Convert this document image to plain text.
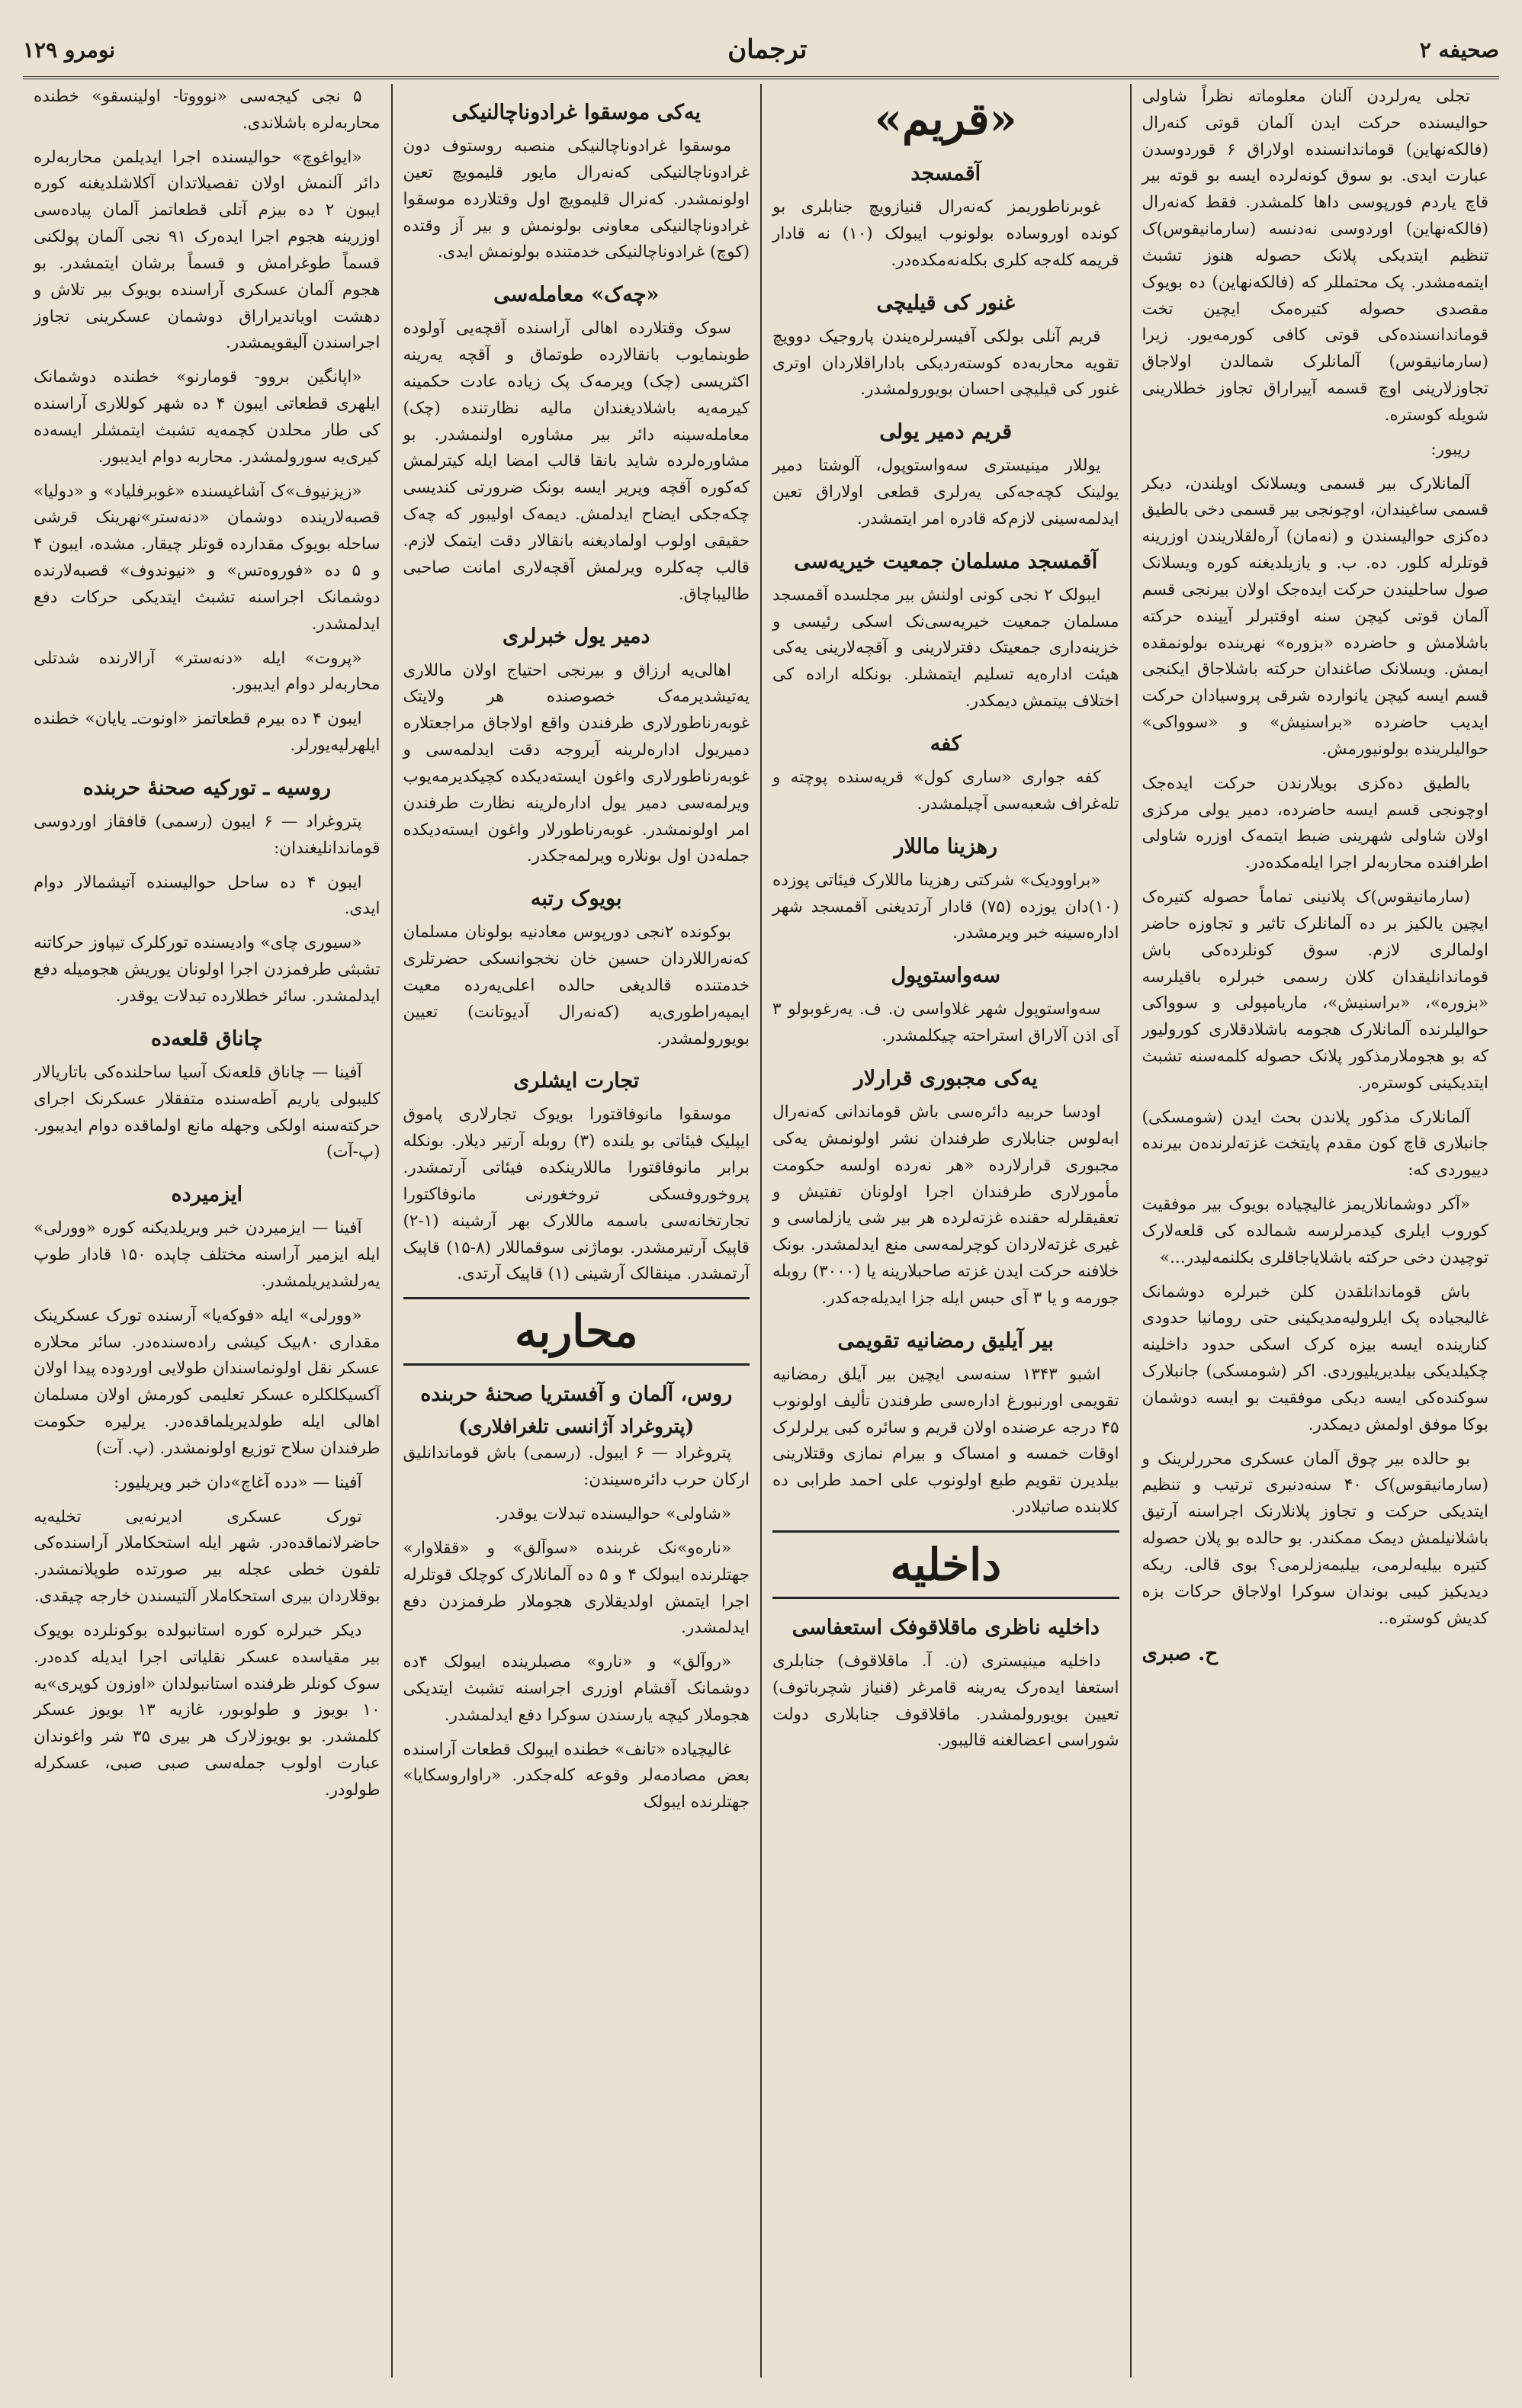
صحیفه ۲
ترجمان
نومرو ۱۲۹

تجلی یه‌رلردن آلنان معلوماته نظراً شاولی حوالیسنده حرکت ایدن آلمان قوتی کنه‌رال (فالکه‌نهاین) قوماندانسنده اولاراق ۶ قوردوسدن عبارت ایدی. بو سوق کونه‌لرده ایسه بو قوته بیر قاچ یاردم فورپوسی داها کلمشدر. فقط که‌نه‌رال (فالکه‌نهاین) اوردوسی نه‌دنسه (سارمانیقوس)ک تنظیم ایتدیکی پلانک حصوله هنوز تشبث ایتمه‌مشدر. پک محتمللر که (فالکه‌نهاین) ده بویوک مقصدی حصوله کتیره‌مک ایچین تخت قوماندانسنده‌کی قوتی کافی کورمه‌یور. زیرا (سارمانیقوس) آلمانلرک شمالدن اولاجاق تجاوزلارینی اوچ قسمه آییراراق تجاوز خطلارینی شویله کوستره.

ریبور:

آلمانلارک بیر قسمی ویسلانک اویلندن، دیکر قسمی ساغیندان، اوچونجی بیر قسمی دخی بالطیق ده‌کزی حوالیسندن و (نه‌مان) آره‌لقلاریندن اوزرینه قوتلرله کلور. ده. ب. و یازیلدیغنه کوره ویسلانک صول ساحلیندن حرکت ایده‌جک اولان بیرنجی قسم آلمان قوتی کیچن سنه اوقتبرلر آیینده حرکته باشلامش و حاضرده «بزوره» نهرینده بولونمقده ایمش. ویسلانک صاغندان حرکته باشلاجاق ایکنجی قسم ایسه کیچن یانوارده شرقی پروسیادان حرکت ایدیب حاضرده «براسنیش» و «سوواکی» حوالیلرینده بولونیورمش.

بالطیق ده‌کزی بویلارندن حرکت ایده‌جک اوچونجی قسم ایسه حاضرده، دمیر یولی مرکزی اولان شاولی شهرینی ضبط ایتمه‌ک اوزره شاولی اطرافنده محاربه‌لر اجرا ایله‌مکده‌در.

(سارمانیقوس)ک پلانینی تماماً حصوله کتیره‌ک ایچین یالکیز بر ده آلمانلرک تاثیر و تجاوزه حاضر اولمالری لازم. سوق کونلرده‌کی باش قوماندانلیقدان کلان رسمی خبرلره باقیلرسه «بزوره»، «براسنیش»، ماریامپولی و سوواکی حوالیلرنده آلمانلارک هجومه باشلادقلاری کورولیور که بو هجوملارمذکور پلانک حصوله کلمه‌سنه تشبث ایتدیکینی کوستره‌ر.

آلمانلارک مذکور پلاندن بحث ایدن (شومسکی) جانبلاری قاچ کون مقدم پایتخت غزته‌لرنده‌ن بیرنده دییوردی که:

«آکر دوشمانلاریمز غالیچیاده بویوک بیر موفقیت کوروب ایلری کیدمرلرسه شمالده کی قلعه‌لارک توچیدن دخی حرکته باشلایاجاقلری بکلنمه‌لیدر...»

باش قوماندانلقدن کلن خبرلره دوشمانک غالیجیاده پک ایلرولیه‌مدیکینی حتی رومانیا حدودی کنارینده ایسه بیزه کرک اسکی حدود داخلینه چکیلدیکی بیلدیریلیوردی. اکر (شومسکی) جانبلارک سوکنده‌کی ایسه دیکی موفقیت بو ایسه دوشمان بوکا موفق اولمش دیمکدر.

بو حالده بیر چوق آلمان عسکری محررلرینک و (سارمانیقوس)ک ۴۰ سنه‌دنبری ترتیب و تنظیم ایتدیکی حرکت و تجاوز پلانلارنک اجراسنه آرتیق باشلانیلمش دیمک ممکندر. بو حالده بو پلان حصوله کتیره بیلیه‌لرمی، بیلیمه‌زلرمی؟ بوی قالی. ریکه دیدیکیز کیبی بوندان سوکرا اولاجاق حرکات بزه کدیش کوستره..

ح. صبری
«قریم»
آقمسجد

غوبرناطوریمز که‌نه‌رال قنیازویچ جنابلری بو کونده اوروساده بولونوب ایبولک (۱۰) نه قادار قریمه کله‌جه کلری بکله‌نه‌مکده‌در.

غنور کی قیلیچی

قریم آنلی بولکی آفیسرلره‌یندن پاروجیک دوویچ تقویه محاربه‌ده کوسته‌ردیکی باداراقلاردان اوتری غنور کی قیلیچی احسان بویورولمشدر.

قریم دمیر یولی

یوللار مینیستری سه‌واستوپول، آلوشتا دمیر یولینک کچه‌جه‌کی یه‌رلری قطعی اولاراق تعین ایدلمه‌سینی لازم‌که قادره امر ایتمشدر.

آقمسجد مسلمان جمعیت خیریه‌سی

ایبولک ۲ نجی کونی اولنش بیر مجلسده آقمسجد مسلمان جمعیت خیریه‌سی‌نک اسکی رئیسی و خزینه‌داری جمعیتک دفترلارینی و آقچه‌لارینی یه‌کی هیئت اداره‌یه تسلیم ایتمشلر. بونکله اراده کی اختلاف بیتمش دیمکدر.

کفه

کفه جواری «ساری کول» قریه‌سنده پوچته و تله‌غراف شعبه‌سی آچیلمشدر.

رهزینا ماللار

«براوودیک» شرکتی رهزینا ماللارک فیئاتی پوزده (۱۰)دان یوزده (۷۵) قادار آرتدیغنی آقمسجد شهر اداره‌سینه خبر ویرمشدر.

سه‌واستوپول

سه‌واستوپول شهر غلاواسی ن. ف. یه‌رغوبولو ۳ آی اذن آلاراق استراحته چیکلمشدر.

یه‌کی مجبوری قرارلار

اودسا حربیه دائره‌سی باش قوماندانی که‌نه‌رال ابه‌لوس جنابلاری طرفندان نشر اولونمش یه‌کی مجبوری قرارلارده «هر نه‌رده اولسه حکومت مأمورلاری طرفندان اجرا اولونان تفتیش و تعقیقلرله حقنده غزته‌لرده هر بیر شی یازلماسی و غیری غزته‌لاردان کوچرلمه‌سی منع ایدلمشدر. بونک خلافنه حرکت ایدن غزته صاحبلارینه یا (۳۰۰۰) روبله جورمه و یا ۳ آی حبس ایله جزا ایدیله‌جه‌کدر.

بیر آیلیق رمضانیه تقویمی

اشبو ۱۳۴۳ سنه‌سی ایچین بیر آیلق رمضانیه تقویمی اورنبورغ اداره‌سی طرفندن تألیف اولونوب ۴۵ درجه عرضنده اولان قریم و سائره کبی یرلرلرک اوقات خمسه و امساک و بیرام نمازی وقتلارینی بیلدیرن تقویم طبع اولونوب علی احمد طرابی ده کلابنده صاتیلادر.

داخلیه
داخلیه ناظری ماقلاقوفک استعفاسی

داخلیه مینیستری (ن. آ. ماقلاقوف) جنابلری استعفا ایده‌رک یه‌رینه قامرغر (قنیاز شچرباتوف) تعیین بویورولمشدر. ماقلاقوف جنابلاری دولت شوراسی اعضالغنه قالیبور.

یه‌کی موسقوا غرادوناچالنیکی

موسقوا غرادوناچالنیکی منصبه روستوف دون غرادوناچالنیکی که‌نه‌رال مایور قلیمویچ تعین اولونمشدر. که‌نرال قلیمویچ اول وقتلارده موسقوا غرادوناچالنیکی معاونی بولونمش و بیر آز وقتده (کوچ) غرادوناچالنیکی خدمتنده بولونمش ایدی.

«چه‌ک» معامله‌سی

سوک وقتلارده اهالی آراسنده آقچه‌یی آولوده طوبنمایوب بانقالارده طوتماق و آقچه یه‌رینه اکثریسی (چک) ویرمه‌ک پک زیاده عادت حکمینه کیرمه‌یه باشلادیغندان مالیه نظارتنده (چک) معامله‌سینه دائر بیر مشاوره اولنمشدر. بو مشاوره‌لرده شاید بانقا قالب امضا ایله کیترلمش که‌کوره آقچه ویریر ایسه بونک ضرورتی کندیسی چکه‌جکی ایضاح ایدلمش. دیمه‌ک اولیبور که چه‌ک حقیقی اولوب اولمادیغنه بانقالار دقت ایتمک لازم. قالب چه‌کلره ویرلمش آقچه‌لاری امانت صاحبی طالیباچاق.

دمیر یول خبرلری

اهالی‌یه ارزاق و بیرنجی احتیاج اولان ماللاری یه‌تیشدیرمه‌ک خصوصنده هر ولایتک غوبه‌رناطورلاری طرفندن واقع اولاجاق مراجعتلاره دمیریول اداره‌لرینه آیروجه دقت ایدلمه‌سی و غوبه‌رناطورلاری واغون ایسته‌دیکده کچیکدیرمه‌یوب ویرلمه‌سی دمیر یول اداره‌لرینه نظارت طرفندن امر اولونمشدر. غوبه‌رناطورلار واغون ایسته‌دیکده جمله‌دن اول بونلاره ویرلمه‌جکدر.

بویوک رتبه

بوکونده ۲نجی دورپوس معادنیه بولونان مسلمان که‌نه‌راللاردان حسین خان نخجوانسکی حضرتلری خدمتنده قالدیغی حالده اعلی‌یه‌رده معیت ایمپه‌راطوری‌یه (که‌نه‌رال آدیوتانت) تعیین بویورولمشدر.

تجارت ایشلری

موسقوا مانوفاقتورا بویوک تجارلاری پاموق ایپلیک فیئاتی بو یلنده (۳) روبله آرتیر دیلار. بونکله برابر مانوفاقتورا ماللارینکده فیئاتی آرتمشدر. پروخوروفسکی تروخغورنی مانوفاکتورا تجارتخانه‌سی باسمه ماللارک بهر آرشینه (۱-۲) قاپیک آرتیرمشدر. بوماژنی سوقماللار (۸-۱۵) قاپیک آرتمشدر. مینقالک آرشینی (۱) قاپیک آرتدی.

محاربه
روس، آلمان و آفستریا صحنهٔ حربنده
(پتروغراد آژانسی تلغرافلاری)

پتروغراد — ۶ ایبول. (رسمی) باش قوماندانلیق ارکان حرب دائره‌سیندن:

«شاولی» حوالیسنده تبدلات یوقدر.

«ناره‌و»نک غربنده «سوآلق» و «ققلاوار» جهتلرنده ایبولک ۴ و ۵ ده آلمانلارک کوچلک قوتلرله اجرا ایتمش اولدیقلاری هجوملار طرفمزدن دفع ایدلمشدر.

«روآلق» و «نارو» مصبلرینده ایبولک ۴ده دوشمانک آقشام اوزری اجراسنه تشبث ایتدیکی هجوملار کیچه یارسندن سوکرا دفع ایدلمشدر.

غالیچیاده «تانف» خطنده ایبولک قطعات آراسنده بعض مصادمه‌لر وقوعه کله‌جکدر. «راواروسکایا» جهتلرنده ایبولک

۵ نجی کیجه‌سی «نوووتا- اولینسقو» خطنده محاربه‌لره باشلاندی.

«ایواغوچ» حوالیسنده اجرا ایدیلمن محاربه‌لره دائر آلنمش اولان تفصیلاتدان آکلاشلدیغنه کوره ایبون ۲ ده بیزم آتلی قطعاتمز آلمان پیاده‌سی اوزرینه هجوم اجرا ایده‌رک ۹۱ نجی آلمان پولکنی قسماً طوغرامش و قسماً برشان ایتمشدر. بو هجوم آلمان عسکری آراسنده بویوک بیر تلاش و دهشت اویاندیراراق دوشمان عسکرینی تجاوز اجراسندن آلیقویمشدر.

«اپانگین بروو- قومارنو» خطنده دوشمانک ایلهری قطعاتی ایبون ۴ ده شهر کوللاری آراسنده کی طار محلدن کچمه‌یه تشبث ایتمشلر ایسه‌ده کیری‌یه سورولمشدر. محاربه دوام ایدیبور.

«زیزنیوف»ک آشاغیسنده «غوبرفلیاد» و «دوليا» قصبه‌لارینده دوشمان «دنه‌ستر»نهرینک قرشی ساحله بویوک مقدارده قوتلر چیقار. مشده، ایبون ۴ و ۵ ده «فوروه‌تس» و «نیوندوف» قصبه‌لارنده دوشمانک اجراسنه تشبث ایتدیکی حرکات دفع ایدلمشدر.

«پروت» ایله «دنه‌ستر» آرالارنده شدتلی محاربه‌لر دوام ایدیبور.

ایبون ۴ ده بیرم قطعاتمز «اونوت‌ـ یایان» خطنده ایلهرلیه‌یورلر.

روسیه ـ تورکیه صحنهٔ حربنده

پتروغراد — ۶ ایبون (رسمی) قافقاز اوردوسی قوماندانلیغندان:

ایبون ۴ ده ساحل حوالیسنده آتیشمالار دوام ایدی.

«سیوری چای» وادیسنده تورکلرک تیپاوز حرکاتنه تشبثی طرفمزدن اجرا اولونان یوریش هجومیله دفع ایدلمشدر. سائر خطلارده تبدلات یوقدر.

چاناق قلعه‌ده

آفینا — چاناق قلعه‌نک آسیا ساحلنده‌کی باتاریالار کلیبولی یاریم آطه‌سنده متفقلار عسکرنک اجرای حرکته‌سنه اولکی وجهله مانع اولماقده دوام ایدیبور. (پ-آت)

ایزمیرده

آفینا — ایزمیردن خبر ویریلدیکنه کوره «وورلی» ایله ایزمیر آراسنه مختلف چاپده ۱۵۰ قادار طوپ یه‌رلشدیریلمشدر.

«وورلی» ایله «فوکه‌یا» آرسنده تورک عسکرینک مقداری ۸۰بیک کیشی راده‌سنده‌در. سائر محلاره عسکر نقل اولونماسندان طولایی اوردوده پیدا اولان آکسیکلکلره عسکر تعلیمی کورمش اولان مسلمان اهالی ایله طولدیریلماقده‌در. یرلیره حکومت طرفندان سلاح توزیع اولونمشدر. (پ. آت)

آفینا — «دده آغاچ»دان خبر ویریلیور:

تورک عسکری ادیرنه‌یی تخلیه‌یه حاضرلانماقده‌در. شهر ایله استحکاملار آراسنده‌کی تلفون خطی عجله بیر صورتده طوپلانمشدر. بوقلاردان بیری استحکاملار آلتیسندن خارجه چیقدی.

دیکر خبرلره کوره استانبولده بوکونلرده بویوک بیر مقیاسده عسکر نقلیاتی اجرا ایدیله کده‌در. سوک کونلر ظرفنده استانبولدان «اوزون کوپری»یه ۱۰ بویوز و طولوبور، غازیه ۱۳ بویوز عسکر کلمشدر. بو بویوزلارک هر بیری ۳۵ شر واغوندان عبارت اولوب جمله‌سی صبی صبی، عسکرله طولودر.
